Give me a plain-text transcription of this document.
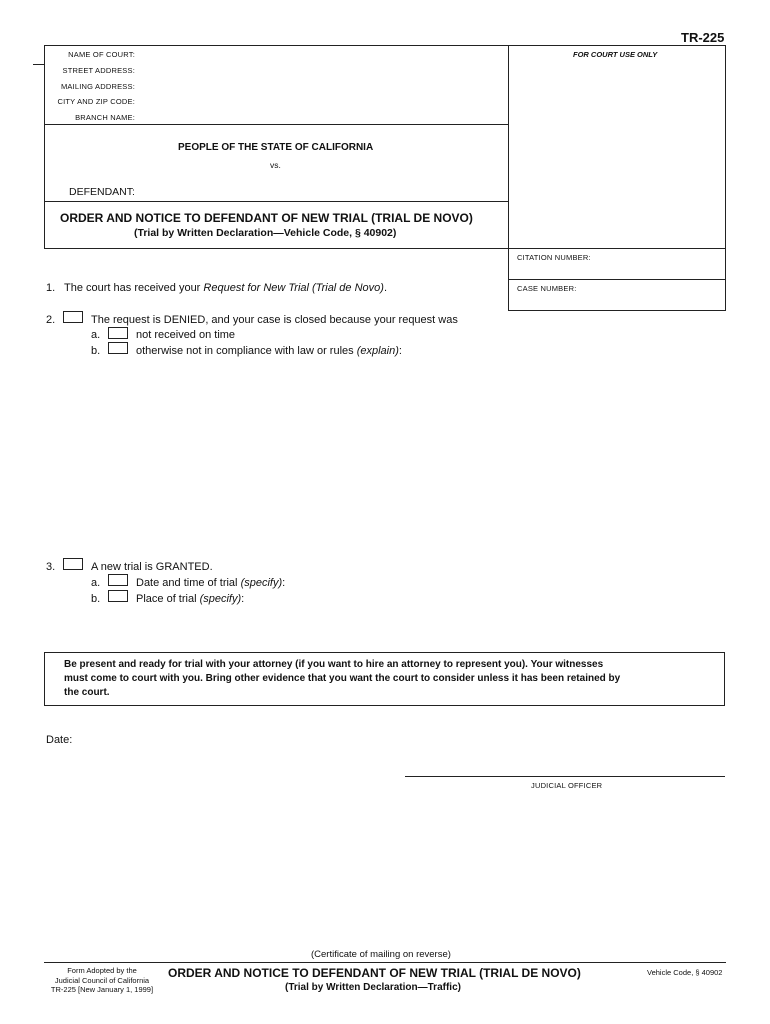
TR-225
NAME OF COURT:
STREET ADDRESS:
MAILING ADDRESS:
CITY AND ZIP CODE:
BRANCH NAME:
FOR COURT USE ONLY
PEOPLE OF THE STATE OF CALIFORNIA
vs.
DEFENDANT:
ORDER AND NOTICE TO DEFENDANT OF NEW TRIAL (TRIAL DE NOVO)
(Trial by Written Declaration—Vehicle Code, § 40902)
CITATION NUMBER:
CASE NUMBER:
1. The court has received your Request for New Trial (Trial de Novo).
2.	The request is DENIED, and your case is closed because your request was
a.	not received on time
b.	otherwise not in compliance with law or rules (explain):
3.	A new trial is GRANTED.
a.	Date and time of trial (specify):
b.	Place of trial (specify):
Be present and ready for trial with your attorney (if you want to hire an attorney to represent you). Your witnesses
must come to court with you. Bring other evidence that you want the court to consider unless it has been retained by
the court.
Date:
JUDICIAL OFFICER
(Certificate of mailing on reverse)
Form Adopted by the
Judicial Council of California
TR-225 [New January 1, 1999]
ORDER AND NOTICE TO DEFENDANT OF NEW TRIAL (TRIAL DE NOVO)
(Trial by Written Declaration—Traffic)
Vehicle Code, § 40902
